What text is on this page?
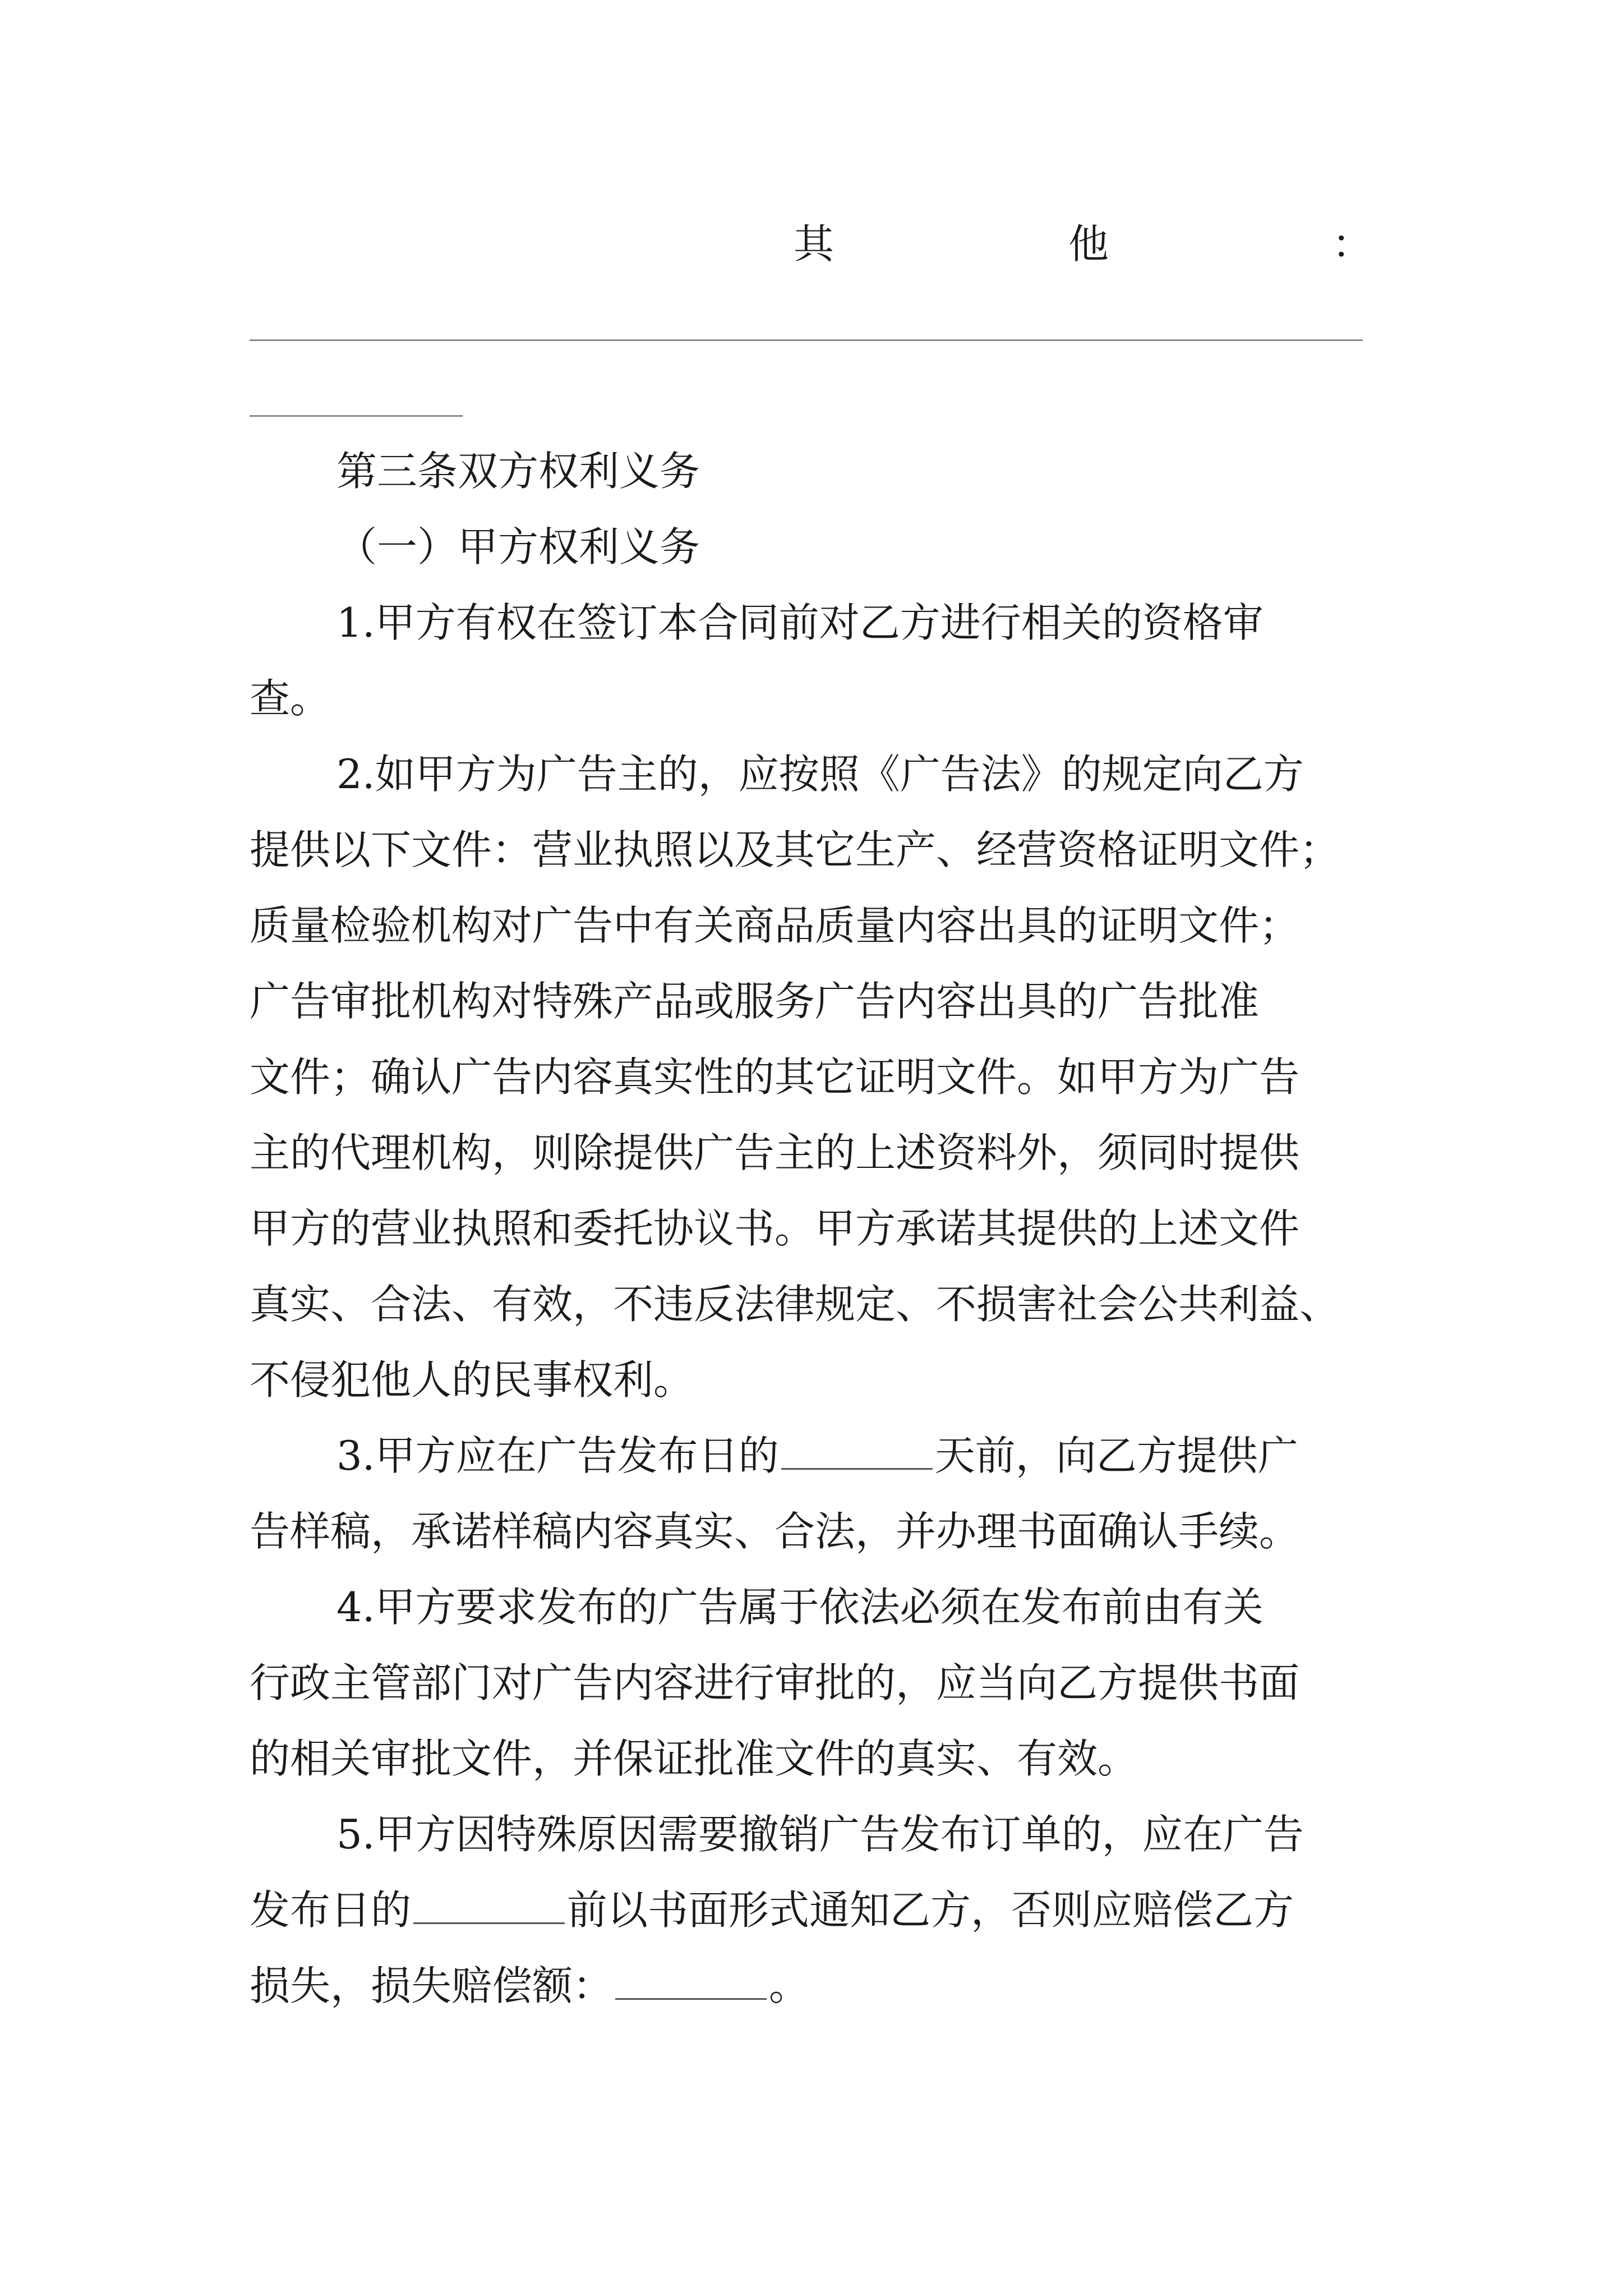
其	他	：
第三条双方权利义务
（一）甲方权利义务
1.甲方有权在签订本合同前对乙方进行相关的资格审
查。
2.如甲方为广告主的，应按照《广告法》的规定向乙方
提供以下文件：营业执照以及其它生产、经营资格证明文件；
质量检验机构对广告中有关商品质量内容出具的证明文件；
广告审批机构对特殊产品或服务广告内容出具的广告批准
文件；确认广告内容真实性的其它证明文件。如甲方为广告
主的代理机构，则除提供广告主的上述资料外，须同时提供
甲方的营业执照和委托协议书。甲方承诺其提供的上述文件
真实、合法、有效，不违反法律规定、不损害社会公共利益、
不侵犯他人的民事权利。
3.甲方应在广告发布日的	天前，向乙方提供广
告样稿，承诺样稿内容真实、合法，并办理书面确认手续。
4.甲方要求发布的广告属于依法必须在发布前由有关
行政主管部门对广告内容进行审批的，应当向乙方提供书面
的相关审批文件，并保证批准文件的真实、有效。
5.甲方因特殊原因需要撤销广告发布订单的，应在广告
发布日的	前以书面形式通知乙方，否则应赔偿乙方
损失，损失赔偿额：	。
